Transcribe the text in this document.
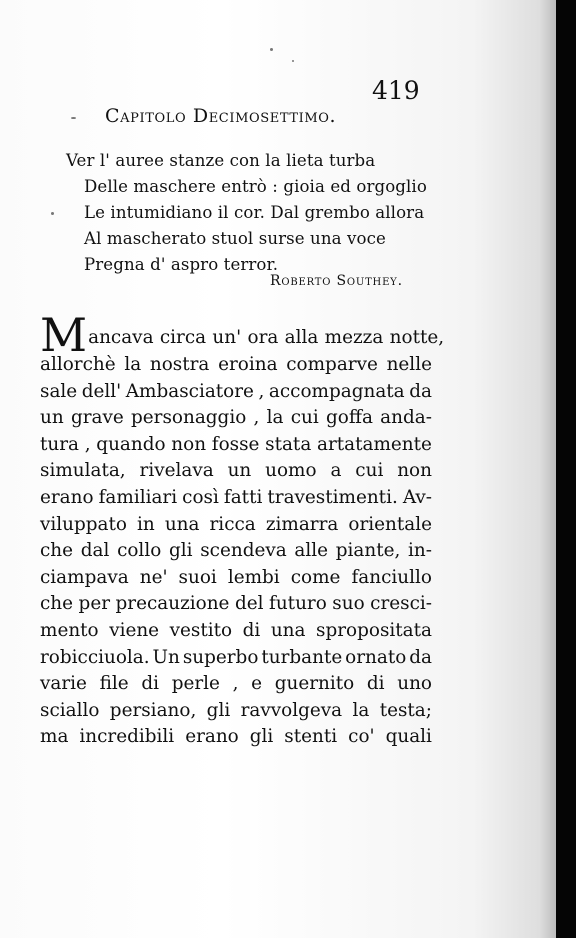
419
Capitolo Decimosettimo.
Ver l' auree stanze con la lieta turba
Delle maschere entrò : gioia ed orgoglio
Le intumidiano il cor. Dal grembo allora
Al mascherato stuol surse una voce
Pregna d' aspro terror.
Roberto Southey.
Mancava circa un' ora alla mezza notte,
allorchè la nostra eroina comparve nelle
sale dell' Ambasciatore , accompagnata da
un grave personaggio , la cui goffa anda-
tura , quando non fosse stata artatamente
simulata, rivelava un uomo a cui non
erano familiari così fatti travestimenti. Av-
viluppato in una ricca zimarra orientale
che dal collo gli scendeva alle piante, in-
ciampava ne' suoi lembi come fanciullo
che per precauzione del futuro suo cresci-
mento viene vestito di una spropositata
robicciuola. Un superbo turbante ornato da
varie file di perle , e guernito di uno
sciallo persiano, gli ravvolgeva la testa;
ma incredibili erano gli stenti co' quali
